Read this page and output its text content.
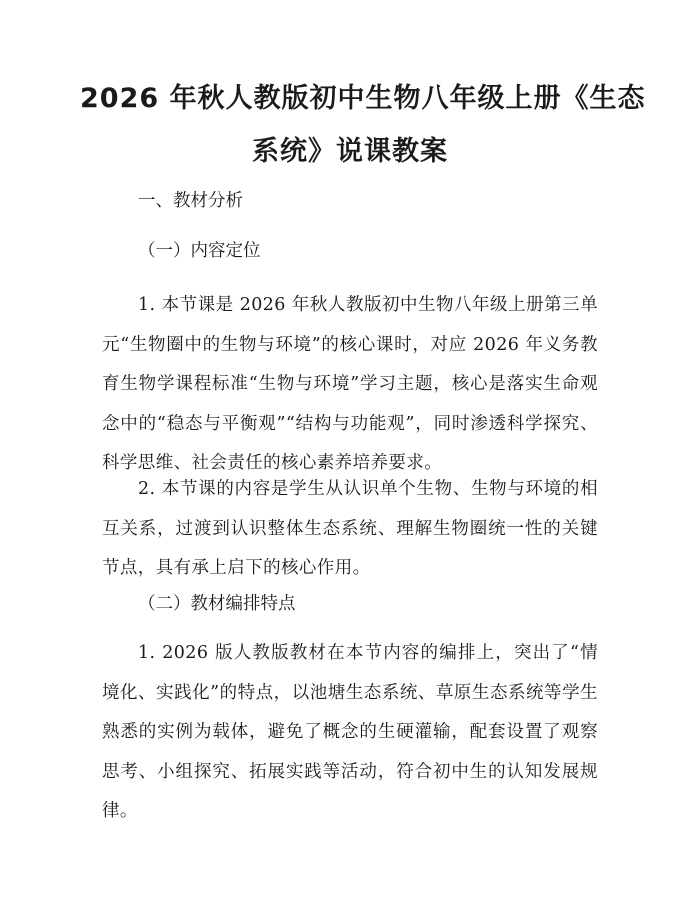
2026 年秋人教版初中生物八年级上册《生态
系统》说课教案

一、教材分析

（一）内容定位

1. 本节课是 2026 年秋人教版初中生物八年级上册第三单元“生物圈中的生物与环境”的核心课时，对应 2026 年义务教育生物学课程标准“生物与环境”学习主题，核心是落实生命观念中的“稳态与平衡观”“结构与功能观”，同时渗透科学探究、科学思维、社会责任的核心素养培养要求。

2. 本节课的内容是学生从认识单个生物、生物与环境的相互关系，过渡到认识整体生态系统、理解生物圈统一性的关键节点，具有承上启下的核心作用。

（二）教材编排特点

1. 2026 版人教版教材在本节内容的编排上，突出了“情境化、实践化”的特点，以池塘生态系统、草原生态系统等学生熟悉的实例为载体，避免了概念的生硬灌输，配套设置了观察思考、小组探究、拓展实践等活动，符合初中生的认知发展规律。
